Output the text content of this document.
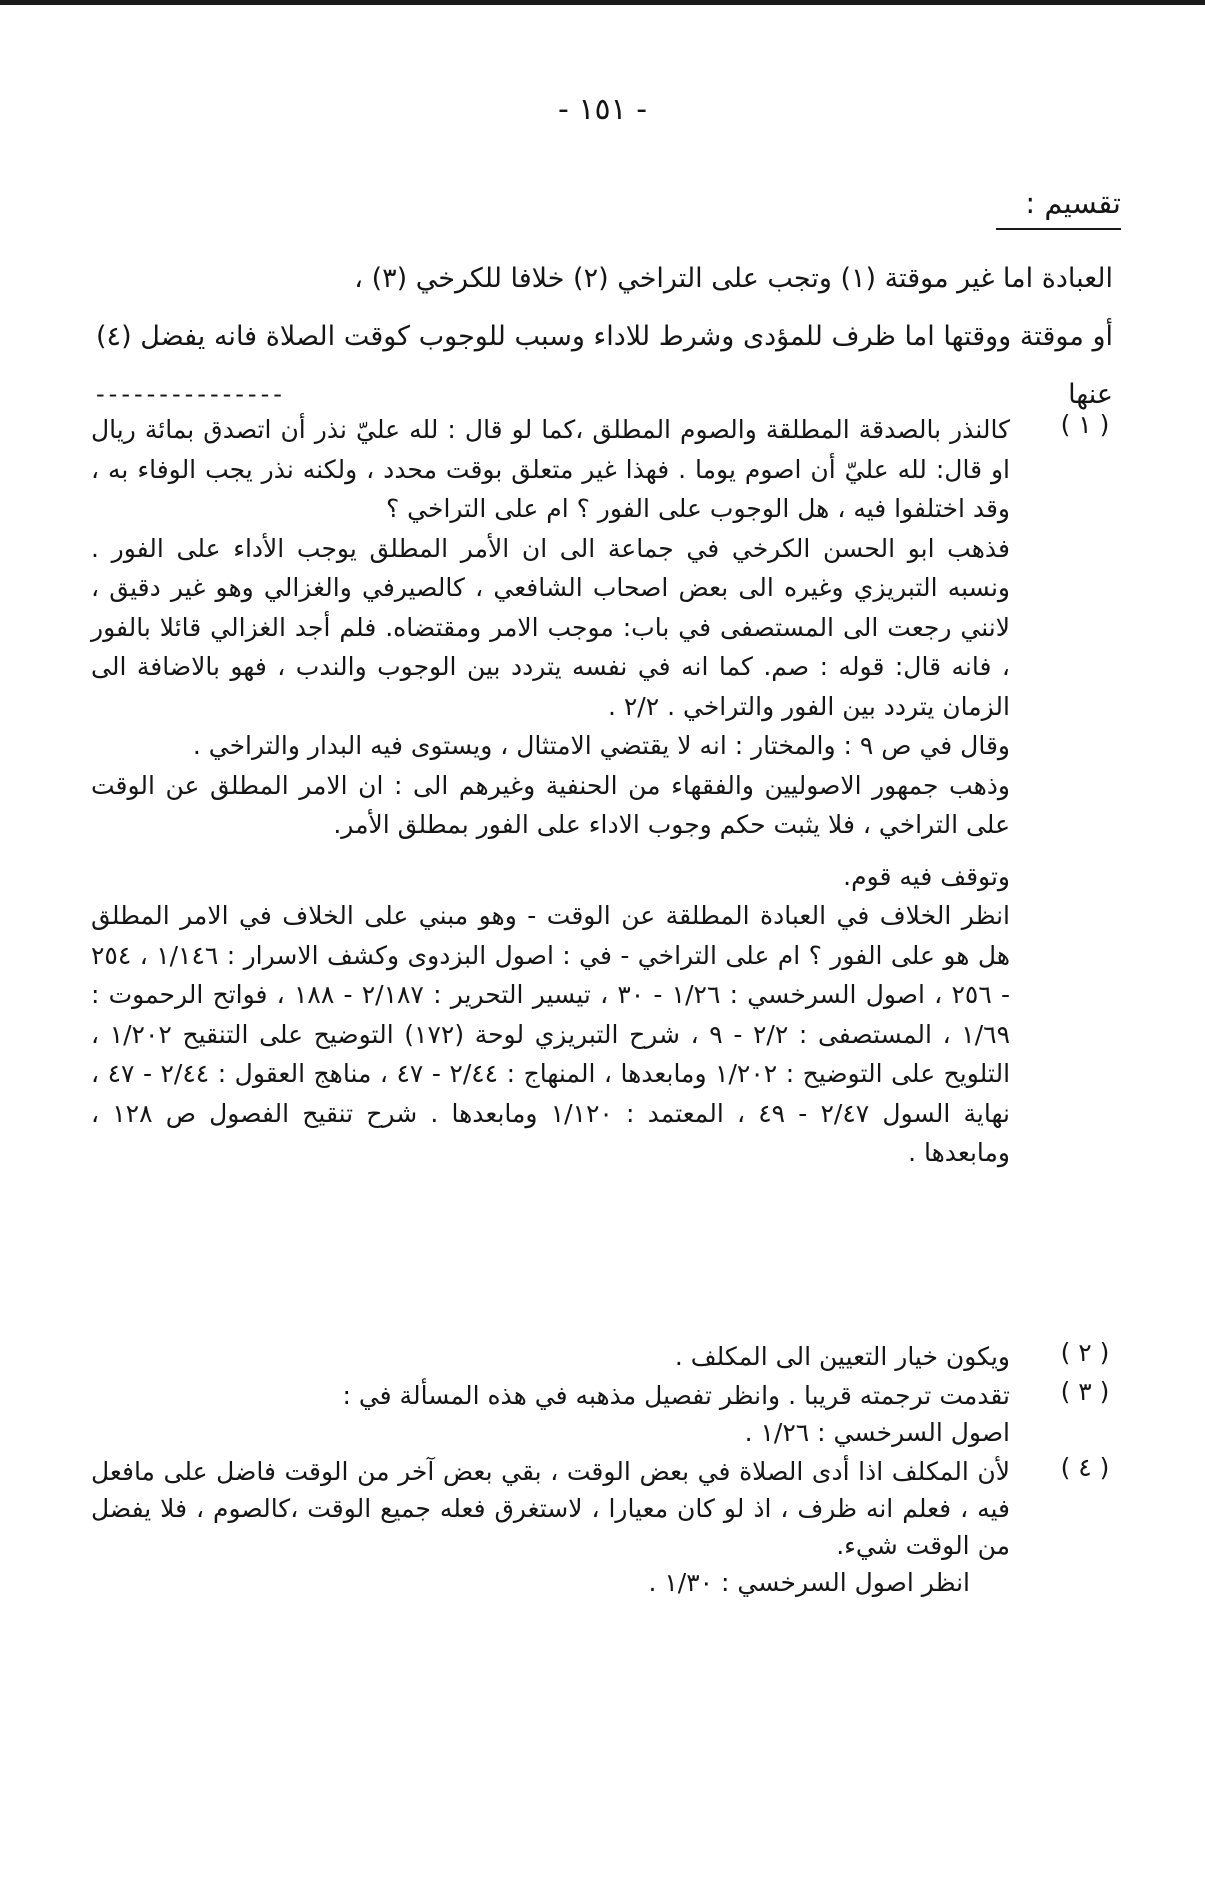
- ١٥١ -
تقسيم :

العبادة اما غير موقتة (١) وتجب على التراخي (٢) خلافا للكرخي (٣) ،

أو موقتة ووقتها اما ظرف للمؤدى وشرط للاداء وسبب للوجوب كوقت الصلاة فانه يفضل (٤) عنها

---------------
( ١ )

كالنذر بالصدقة المطلقة والصوم المطلق ،كما لو قال : لله عليّ نذر أن اتصدق بمائة ريال او قال: لله عليّ أن اصوم يوما . فهذا غير متعلق بوقت محدد ، ولكنه نذر يجب الوفاء به ، وقد اختلفوا فيه ، هل الوجوب على الفور ؟ ام على التراخي ؟

فذهب ابو الحسن الكرخي في جماعة الى ان الأمر المطلق يوجب الأداء على الفور . ونسبه التبريزي وغيره الى بعض اصحاب الشافعي ، كالصيرفي والغزالي وهو غير دقيق ، لانني رجعت الى المستصفى في باب: موجب الامر ومقتضاه. فلم أجد الغزالي قائلا بالفور ، فانه قال: قوله : صم. كما انه في نفسه يتردد بين الوجوب والندب ، فهو بالاضافة الى الزمان يتردد بين الفور والتراخي . ٢/٢ .

وقال في ص ٩ : والمختار : انه لا يقتضي الامتثال ، ويستوى فيه البدار والتراخي .

وذهب جمهور الاصوليين والفقهاء من الحنفية وغيرهم الى : ان الامر المطلق عن الوقت على التراخي ، فلا يثبت حكم وجوب الاداء على الفور بمطلق الأمر.

وتوقف فيه قوم.

انظر الخلاف في العبادة المطلقة عن الوقت - وهو مبني على الخلاف في الامر المطلق هل هو على الفور ؟ ام على التراخي - في : اصول البزدوى وكشف الاسرار : ١/١٤٦ ، ٢٥٤ - ٢٥٦ ، اصول السرخسي : ١/٢٦ - ٣٠ ، تيسير التحرير : ٢/١٨٧ - ١٨٨ ، فواتح الرحموت : ١/٦٩ ، المستصفى : ٢/٢ - ٩ ، شرح التبريزي لوحة (١٧٢) التوضيح على التنقيح ١/٢٠٢ ، التلويح على التوضيح : ١/٢٠٢ ومابعدها ، المنهاج : ٢/٤٤ - ٤٧ ، مناهج العقول : ٢/٤٤ - ٤٧ ، نهاية السول ٢/٤٧ - ٤٩ ، المعتمد : ١/١٢٠ ومابعدها . شرح تنقيح الفصول ص ١٢٨ ، ومابعدها .

( ٢ )

ويكون خيار التعيين الى المكلف .

( ٣ )

تقدمت ترجمته قريبا . وانظر تفصيل مذهبه في هذه المسألة في :

اصول السرخسي : ١/٢٦ .

( ٤ )

لأن المكلف اذا أدى الصلاة في بعض الوقت ، بقي بعض آخر من الوقت فاضل على مافعل فيه ، فعلم انه ظرف ، اذ لو كان معيارا ، لاستغرق فعله جميع الوقت ،كالصوم ، فلا يفضل من الوقت شيء.

انظر اصول السرخسي : ١/٣٠ .
